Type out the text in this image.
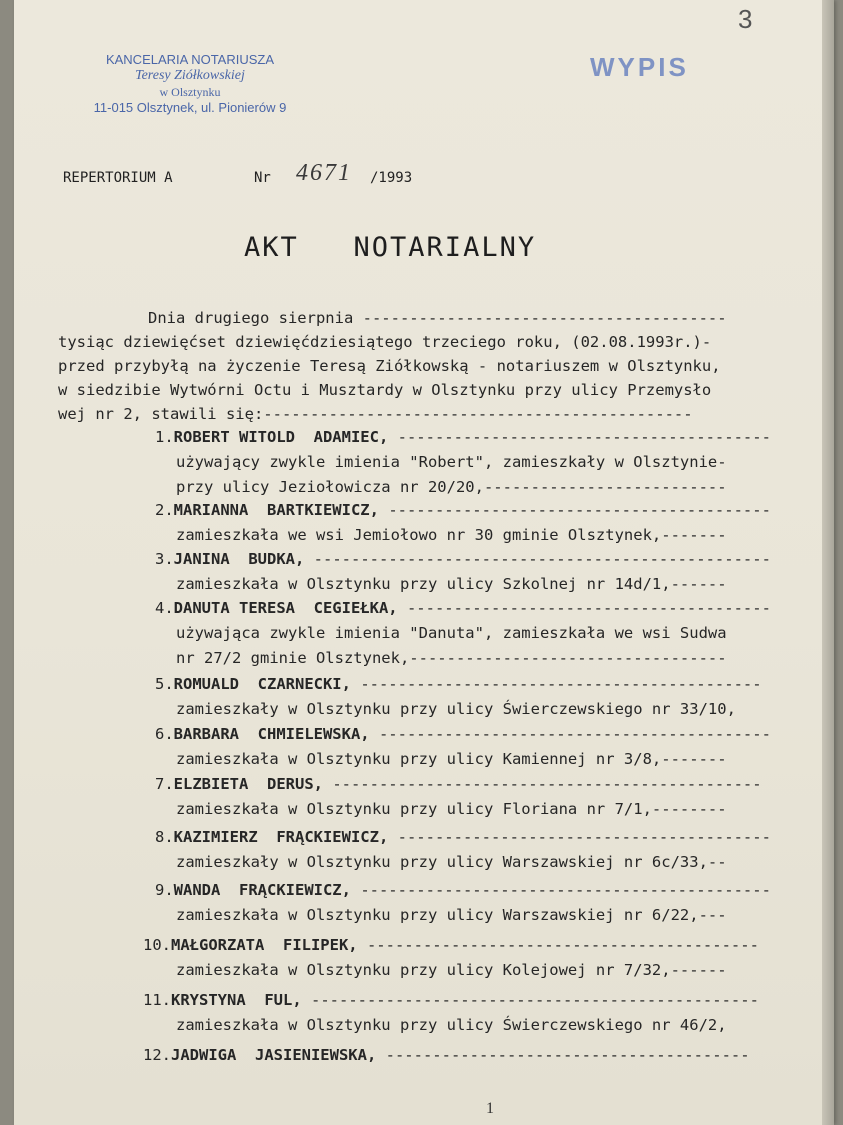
3
KANCELARIA NOTARIUSZA
Teresy Ziółkowskiej
w Olsztynku
11-015 Olsztynek, ul. Pionierów 9
WYPIS
REPERTORIUM A	Nr 4671 /1993
AKT   NOTARIALNY
Dnia drugiego sierpnia ---------------------------------------
tysiąc dziewięćset dziewięćdziesiątego trzeciego roku, (02.08.1993r.)-
przed przybyłą na życzenie Teresą Ziółkowską - notariuszem w Olsztynku,
w siedzibie Wytwórni Octu i Musztardy w Olsztynku przy ulicy Przemysło
wej nr 2, stawili się:----------------------------------------------
1.ROBERT WITOLD  ADAMIEC, ----------------------------------------
używający zwykle imienia "Robert", zamieszkały w Olsztynie-
przy ulicy Jeziołowicza nr 20/20,--------------------------
2.MARIANNA  BARTKIEWICZ, -----------------------------------------
zamieszkała we wsi Jemiołowo nr 30 gminie Olsztynek,-------
3.JANINA  BUDKA, -------------------------------------------------
zamieszkała w Olsztynku przy ulicy Szkolnej nr 14d/1,------
4.DANUTA TERESA  CEGIEŁKA, ---------------------------------------
używająca zwykle imienia "Danuta", zamieszkała we wsi Sudwa
nr 27/2 gminie Olsztynek,----------------------------------
5.ROMUALD  CZARNECKI, -------------------------------------------
zamieszkały w Olsztynku przy ulicy Świerczewskiego nr 33/10,
6.BARBARA  CHMIELEWSKA, ------------------------------------------
zamieszkała w Olsztynku przy ulicy Kamiennej nr 3/8,-------
7.ELZBIETA  DERUS, ----------------------------------------------
zamieszkała w Olsztynku przy ulicy Floriana nr 7/1,--------
8.KAZIMIERZ  FRĄCKIEWICZ, ----------------------------------------
zamieszkały w Olsztynku przy ulicy Warszawskiej nr 6c/33,--
9.WANDA  FRĄCKIEWICZ, --------------------------------------------
zamieszkała w Olsztynku przy ulicy Warszawskiej nr 6/22,---
10.MAŁGORZATA  FILIPEK, ------------------------------------------
zamieszkała w Olsztynku przy ulicy Kolejowej nr 7/32,------
11.KRYSTYNA  FUL, ------------------------------------------------
zamieszkała w Olsztynku przy ulicy Świerczewskiego nr 46/2,
12.JADWIGA  JASIENIEWSKA, ---------------------------------------
1
